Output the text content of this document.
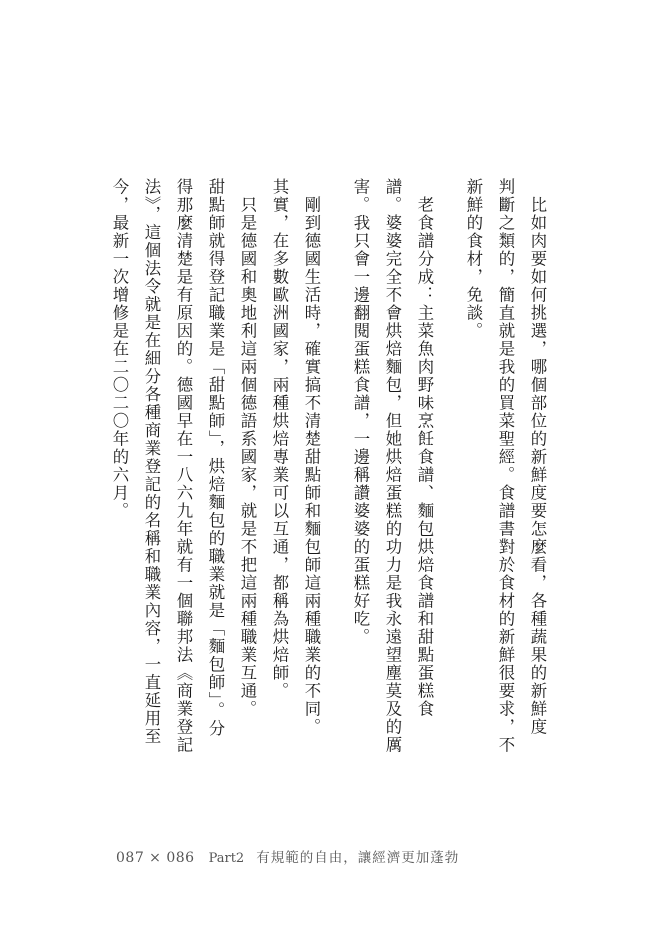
　比如肉要如何挑選，哪個部位的新鮮度要怎麼看，各種蔬果的新鮮度
判斷之類的，簡直就是我的買菜聖經。食譜書對於食材的新鮮很要求，不
新鮮的食材，免談。
　老食譜分成：主菜魚肉野味烹飪食譜、麵包烘焙食譜和甜點蛋糕食
譜。婆婆完全不會烘焙麵包，但她烘焙蛋糕的功力是我永遠望塵莫及的厲
害。我只會一邊翻閱蛋糕食譜，一邊稱讚婆婆的蛋糕好吃。
　剛到德國生活時，確實搞不清楚甜點師和麵包師這兩種職業的不同。
其實，在多數歐洲國家，兩種烘焙專業可以互通，都稱為烘焙師。
　只是德國和奧地利這兩個德語系國家，就是不把這兩種職業互通。
甜點師就得登記職業是「甜點師」，烘焙麵包的職業就是「麵包師」。分
得那麼清楚是有原因的。德國早在一八六九年就有一個聯邦法《商業登記
法》，這個法令就是在細分各種商業登記的名稱和職業內容，一直延用至
今，最新一次增修是在二〇二〇年的六月。
087 × 086 Part2 有規範的自由，讓經濟更加蓬勃
